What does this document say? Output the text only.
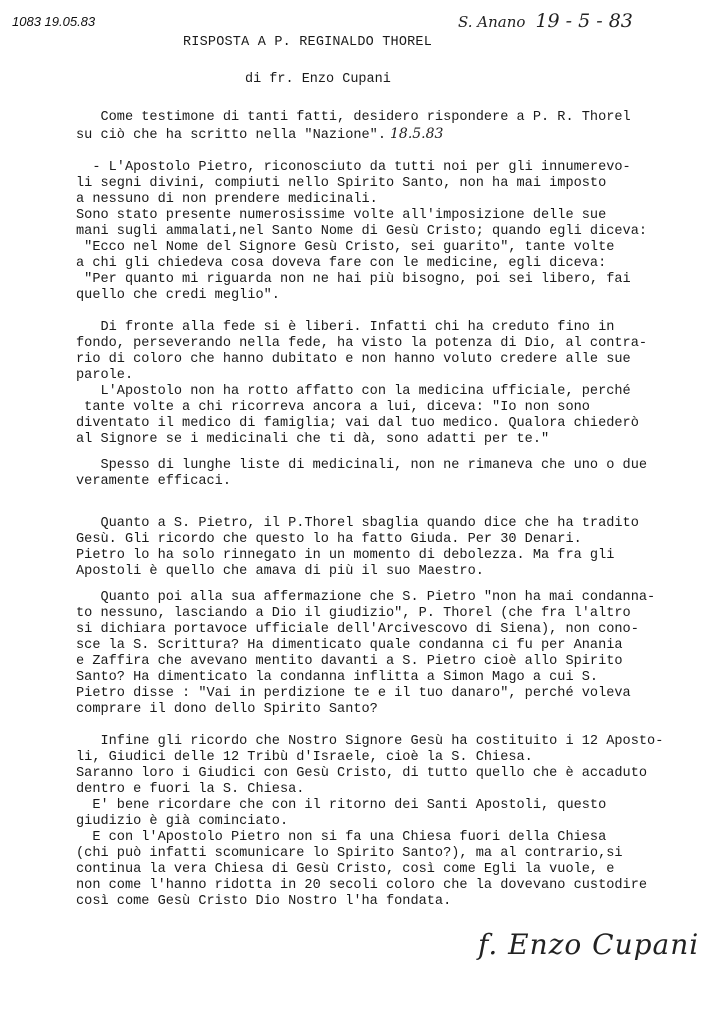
1083 19.05.83	S. Anano 19 - 5 - 83
RISPOSTA A P. REGINALDO THOREL
di fr. Enzo Cupani
Come testimone di tanti fatti, desidero rispondere a P. R. Thorel
su ciò che ha scritto nella "Nazione". 18.5.83
- L'Apostolo Pietro, riconosciuto da tutti noi per gli innumerevo-
li segni divini, compiuti nello Spirito Santo, non ha mai imposto
a nessuno di non prendere medicinali.
Sono stato presente numerosissime volte all'imposizione delle sue
mani sugli ammalati,nel Santo Nome di Gesù Cristo; quando egli diceva:
"Ecco nel Nome del Signore Gesù Cristo, sei guarito", tante volte
a chi gli chiedeva cosa doveva fare con le medicine, egli diceva:
"Per quanto mi riguarda non ne hai più bisogno, poi sei libero, fai
quello che credi meglio".
Di fronte alla fede si è liberi. Infatti chi ha creduto fino in
fondo, perseverando nella fede, ha visto la potenza di Dio, al contra-
rio di coloro che hanno dubitato e non hanno voluto credere alle sue
parole.
L'Apostolo non ha rotto affatto con la medicina ufficiale, perché
tante volte a chi ricorreva ancora a lui, diceva: "Io non sono
diventato il medico di famiglia; vai dal tuo medico. Qualora chiederò
al Signore se i medicinali che ti dà, sono adatti per te."
Spesso di lunghe liste di medicinali, non ne rimaneva che uno o due
veramente efficaci.
Quanto a S. Pietro, il P.Thorel sbaglia quando dice che ha tradito
Gesù. Gli ricordo che questo lo ha fatto Giuda. Per 30 Denari.
Pietro lo ha solo rinnegato in un momento di debolezza. Ma fra gli
Apostoli è quello che amava di più il suo Maestro.
Quanto poi alla sua affermazione che S. Pietro "non ha mai condanna-
to nessuno, lasciando a Dio il giudizio", P. Thorel (che fra l'altro
si dichiara portavoce ufficiale dell'Arcivescovo di Siena), non cono-
sce la S. Scrittura? Ha dimenticato quale condanna ci fu per Anania
e Zaffira che avevano mentito davanti a S. Pietro cioè allo Spirito
Santo? Ha dimenticato la condanna inflitta a Simon Mago a cui S.
Pietro disse : "Vai in perdizione te e il tuo danaro", perché voleva
comprare il dono dello Spirito Santo?
Infine gli ricordo che Nostro Signore Gesù ha costituito i 12 Aposto-
li, Giudici delle 12 Tribù d'Israele, cioè la S. Chiesa.
Saranno loro i Giudici con Gesù Cristo, di tutto quello che è accaduto
dentro e fuori la S. Chiesa.
E' bene ricordare che con il ritorno dei Santi Apostoli, questo
giudizio è già cominciato.
E con l'Apostolo Pietro non si fa una Chiesa fuori della Chiesa
(chi può infatti scomunicare lo Spirito Santo?), ma al contrario,si
continua la vera Chiesa di Gesù Cristo, così come Egli la vuole, e
non come l'hanno ridotta in 20 secoli coloro che la dovevano custodire
così come Gesù Cristo Dio Nostro l'ha fondata.
f. Enzo Cupani
